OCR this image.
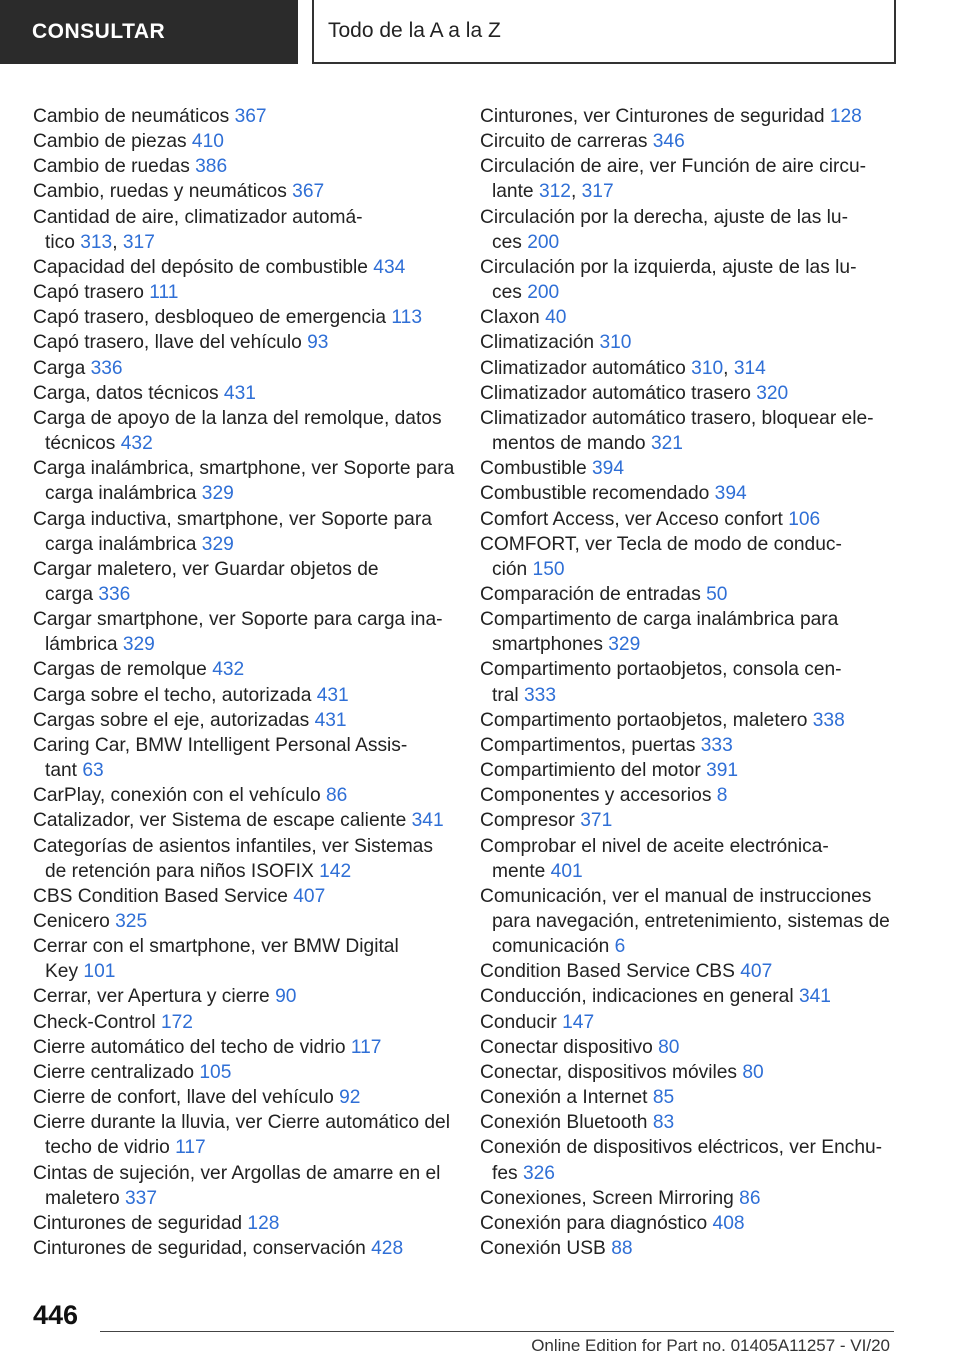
CONSULTAR	Todo de la A a la Z
Cambio de neumáticos 367
Cambio de piezas 410
Cambio de ruedas 386
Cambio, ruedas y neumáticos 367
Cantidad de aire, climatizador automá-
tico 313, 317
Capacidad del depósito de combustible 434
Capó trasero 111
Capó trasero, desbloqueo de emergencia 113
Capó trasero, llave del vehículo 93
Carga 336
Carga, datos técnicos 431
Carga de apoyo de la lanza del remolque, datos
técnicos 432
Carga inalámbrica, smartphone, ver Soporte para
carga inalámbrica 329
Carga inductiva, smartphone, ver Soporte para
carga inalámbrica 329
Cargar maletero, ver Guardar objetos de
carga 336
Cargar smartphone, ver Soporte para carga ina-
lámbrica 329
Cargas de remolque 432
Carga sobre el techo, autorizada 431
Cargas sobre el eje, autorizadas 431
Caring Car, BMW Intelligent Personal Assis-
tant 63
CarPlay, conexión con el vehículo 86
Catalizador, ver Sistema de escape caliente 341
Categorías de asientos infantiles, ver Sistemas
de retención para niños ISOFIX 142
CBS Condition Based Service 407
Cenicero 325
Cerrar con el smartphone, ver BMW Digital
Key 101
Cerrar, ver Apertura y cierre 90
Check-Control 172
Cierre automático del techo de vidrio 117
Cierre centralizado 105
Cierre de confort, llave del vehículo 92
Cierre durante la lluvia, ver Cierre automático del
techo de vidrio 117
Cintas de sujeción, ver Argollas de amarre en el
maletero 337
Cinturones de seguridad 128
Cinturones de seguridad, conservación 428
Cinturones, ver Cinturones de seguridad 128
Circuito de carreras 346
Circulación de aire, ver Función de aire circu-
lante 312, 317
Circulación por la derecha, ajuste de las lu-
ces 200
Circulación por la izquierda, ajuste de las lu-
ces 200
Claxon 40
Climatización 310
Climatizador automático 310, 314
Climatizador automático trasero 320
Climatizador automático trasero, bloquear ele-
mentos de mando 321
Combustible 394
Combustible recomendado 394
Comfort Access, ver Acceso confort 106
COMFORT, ver Tecla de modo de conduc-
ción 150
Comparación de entradas 50
Compartimento de carga inalámbrica para
smartphones 329
Compartimento portaobjetos, consola cen-
tral 333
Compartimento portaobjetos, maletero 338
Compartimentos, puertas 333
Compartimiento del motor 391
Componentes y accesorios 8
Compresor 371
Comprobar el nivel de aceite electrónica-
mente 401
Comunicación, ver el manual de instrucciones
para navegación, entretenimiento, sistemas de
comunicación 6
Condition Based Service CBS 407
Conducción, indicaciones en general 341
Conducir 147
Conectar dispositivo 80
Conectar, dispositivos móviles 80
Conexión a Internet 85
Conexión Bluetooth 83
Conexión de dispositivos eléctricos, ver Enchu-
fes 326
Conexiones, Screen Mirroring 86
Conexión para diagnóstico 408
Conexión USB 88
446
Online Edition for Part no. 01405A11257 - VI/20
